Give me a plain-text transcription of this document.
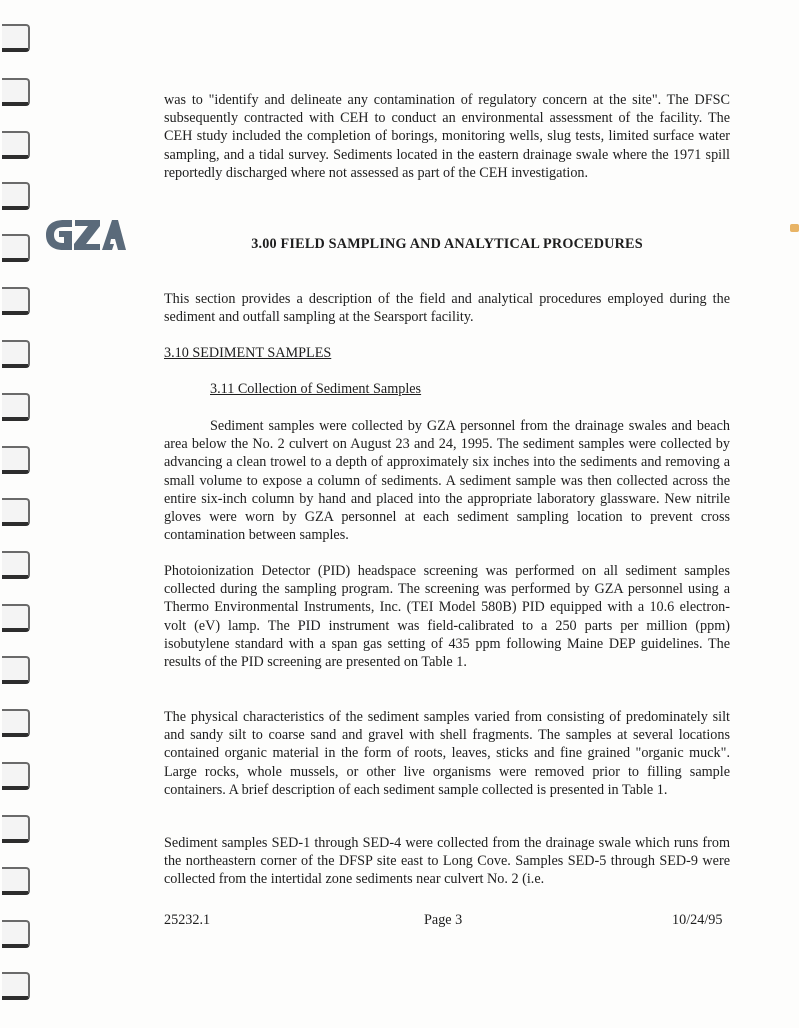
was to "identify and delineate any contamination of regulatory concern at the site". The DFSC subsequently contracted with CEH to conduct an environmental assessment of the facility. The CEH study included the completion of borings, monitoring wells, slug tests, limited surface water sampling, and a tidal survey. Sediments located in the eastern drainage swale where the 1971 spill reportedly discharged where not assessed as part of the CEH investigation.

3.00 FIELD SAMPLING AND ANALYTICAL PROCEDURES

This section provides a description of the field and analytical procedures employed during the sediment and outfall sampling at the Searsport facility.

3.10 SEDIMENT SAMPLES
3.11 Collection of Sediment Samples

Sediment samples were collected by GZA personnel from the drainage swales and beach area below the No. 2 culvert on August 23 and 24, 1995. The sediment samples were collected by advancing a clean trowel to a depth of approximately six inches into the sediments and removing a small volume to expose a column of sediments. A sediment sample was then collected across the entire six-inch column by hand and placed into the appropriate laboratory glassware. New nitrile gloves were worn by GZA personnel at each sediment sampling location to prevent cross contamination between samples.

Photoionization Detector (PID) headspace screening was performed on all sediment samples collected during the sampling program. The screening was performed by GZA personnel using a Thermo Environmental Instruments, Inc. (TEI Model 580B) PID equipped with a 10.6 electron-volt (eV) lamp. The PID instrument was field-calibrated to a 250 parts per million (ppm) isobutylene standard with a span gas setting of 435 ppm following Maine DEP guidelines. The results of the PID screening are presented on Table 1.

The physical characteristics of the sediment samples varied from consisting of predominately silt and sandy silt to coarse sand and gravel with shell fragments. The samples at several locations contained organic material in the form of roots, leaves, sticks and fine grained "organic muck". Large rocks, whole mussels, or other live organisms were removed prior to filling sample containers. A brief description of each sediment sample collected is presented in Table 1.

Sediment samples SED-1 through SED-4 were collected from the drainage swale which runs from the northeastern corner of the DFSP site east to Long Cove. Samples SED-5 through SED-9 were collected from the intertidal zone sediments near culvert No. 2 (i.e.

25232.1	Page 3	10/24/95
